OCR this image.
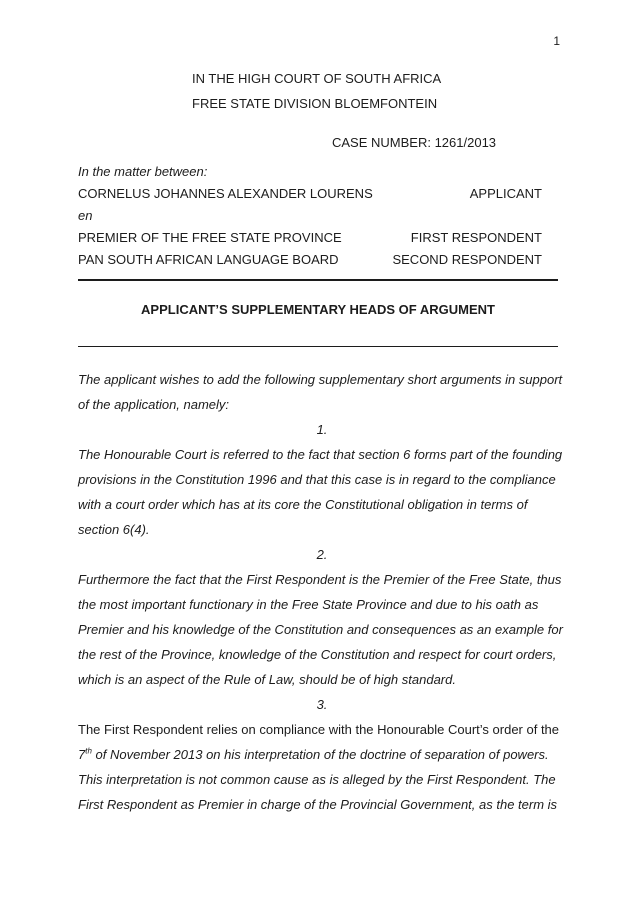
1
IN THE HIGH COURT OF SOUTH AFRICA
FREE STATE DIVISION BLOEMFONTEIN
CASE NUMBER: 1261/2013
In the matter between:
CORNELUS JOHANNES ALEXANDER LOURENS	APPLICANT
en
PREMIER OF THE FREE STATE PROVINCE	FIRST RESPONDENT
PAN SOUTH AFRICAN LANGUAGE BOARD	SECOND RESPONDENT
APPLICANT’S SUPPLEMENTARY HEADS OF ARGUMENT

The applicant wishes to add the following supplementary short arguments in support of the application, namely:

1.

The Honourable Court is referred to the fact that section 6 forms part of the founding provisions in the Constitution 1996 and that this case is in regard to the compliance with a court order which has at its core the Constitutional obligation in terms of section 6(4).

2.

Furthermore the fact that the First Respondent is the Premier of the Free State, thus the most important functionary in the Free State Province and due to his oath as Premier and his knowledge of the Constitution and consequences as an example for the rest of the Province, knowledge of the Constitution and respect for court orders, which is an aspect of the Rule of Law, should be of high standard.

3.

The First Respondent relies on compliance with the Honourable Court’s order of the 7th of November 2013 on his interpretation of the doctrine of separation of powers. This interpretation is not common cause as is alleged by the First Respondent. The First Respondent as Premier in charge of the Provincial Government, as the term is
